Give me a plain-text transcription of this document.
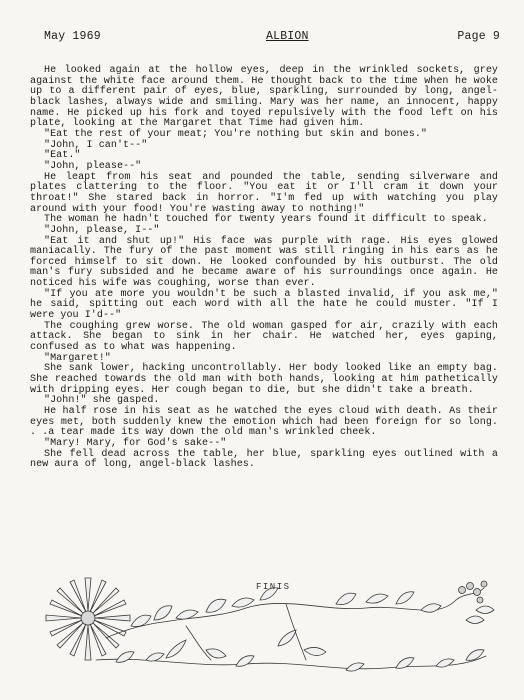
May 1969	ALBION	Page 9

He looked again at the hollow eyes, deep in the wrinkled sockets, grey against the white face around them. He thought back to the time when he woke up to a different pair of eyes, blue, sparkling, surrounded by long, angel-black lashes, always wide and smiling. Mary was her name, an innocent, happy name. He picked up his fork and toyed repulsively with the food left on his plate, looking at the Margaret that Time had given him.

"Eat the rest of your meat; You're nothing but skin and bones."

"John, I can't--"

"Eat."

"John, please--"

He leapt from his seat and pounded the table, sending silverware and plates clattering to the floor. "You eat it or I'll cram it down your throat!" She stared back in horror. "I'm fed up with watching you play around with your food! You're wasting away to nothing!"

The woman he hadn't touched for twenty years found it difficult to speak.

"John, please, I--"

"Eat it and shut up!" His face was purple with rage. His eyes glowed maniacally. The fury of the past moment was still ringing in his ears as he forced himself to sit down. He looked confounded by his outburst. The old man's fury subsided and he became aware of his surroundings once again. He noticed his wife was coughing, worse than ever.

"If you ate more you wouldn't be such a blasted invalid, if you ask me," he said, spitting out each word with all the hate he could muster. "If I were you I'd--"

The coughing grew worse. The old woman gasped for air, crazily with each attack. She began to sink in her chair. He watched her, eyes gaping, confused as to what was happening.

"Margaret!"

She sank lower, hacking uncontrollably. Her body looked like an empty bag. She reached towards the old man with both hands, looking at him pathetically with dripping eyes. Her cough began to die, but she didn't take a breath.

"John!" she gasped.

He half rose in his seat as he watched the eyes cloud with death. As their eyes met, both suddenly knew the emotion which had been foreign for so long. . .a tear made its way down the old man's wrinkled cheek.

"Mary! Mary, for God's sake--"

She fell dead across the table, her blue, sparkling eyes outlined with a new aura of long, angel-black lashes.

FINIS
